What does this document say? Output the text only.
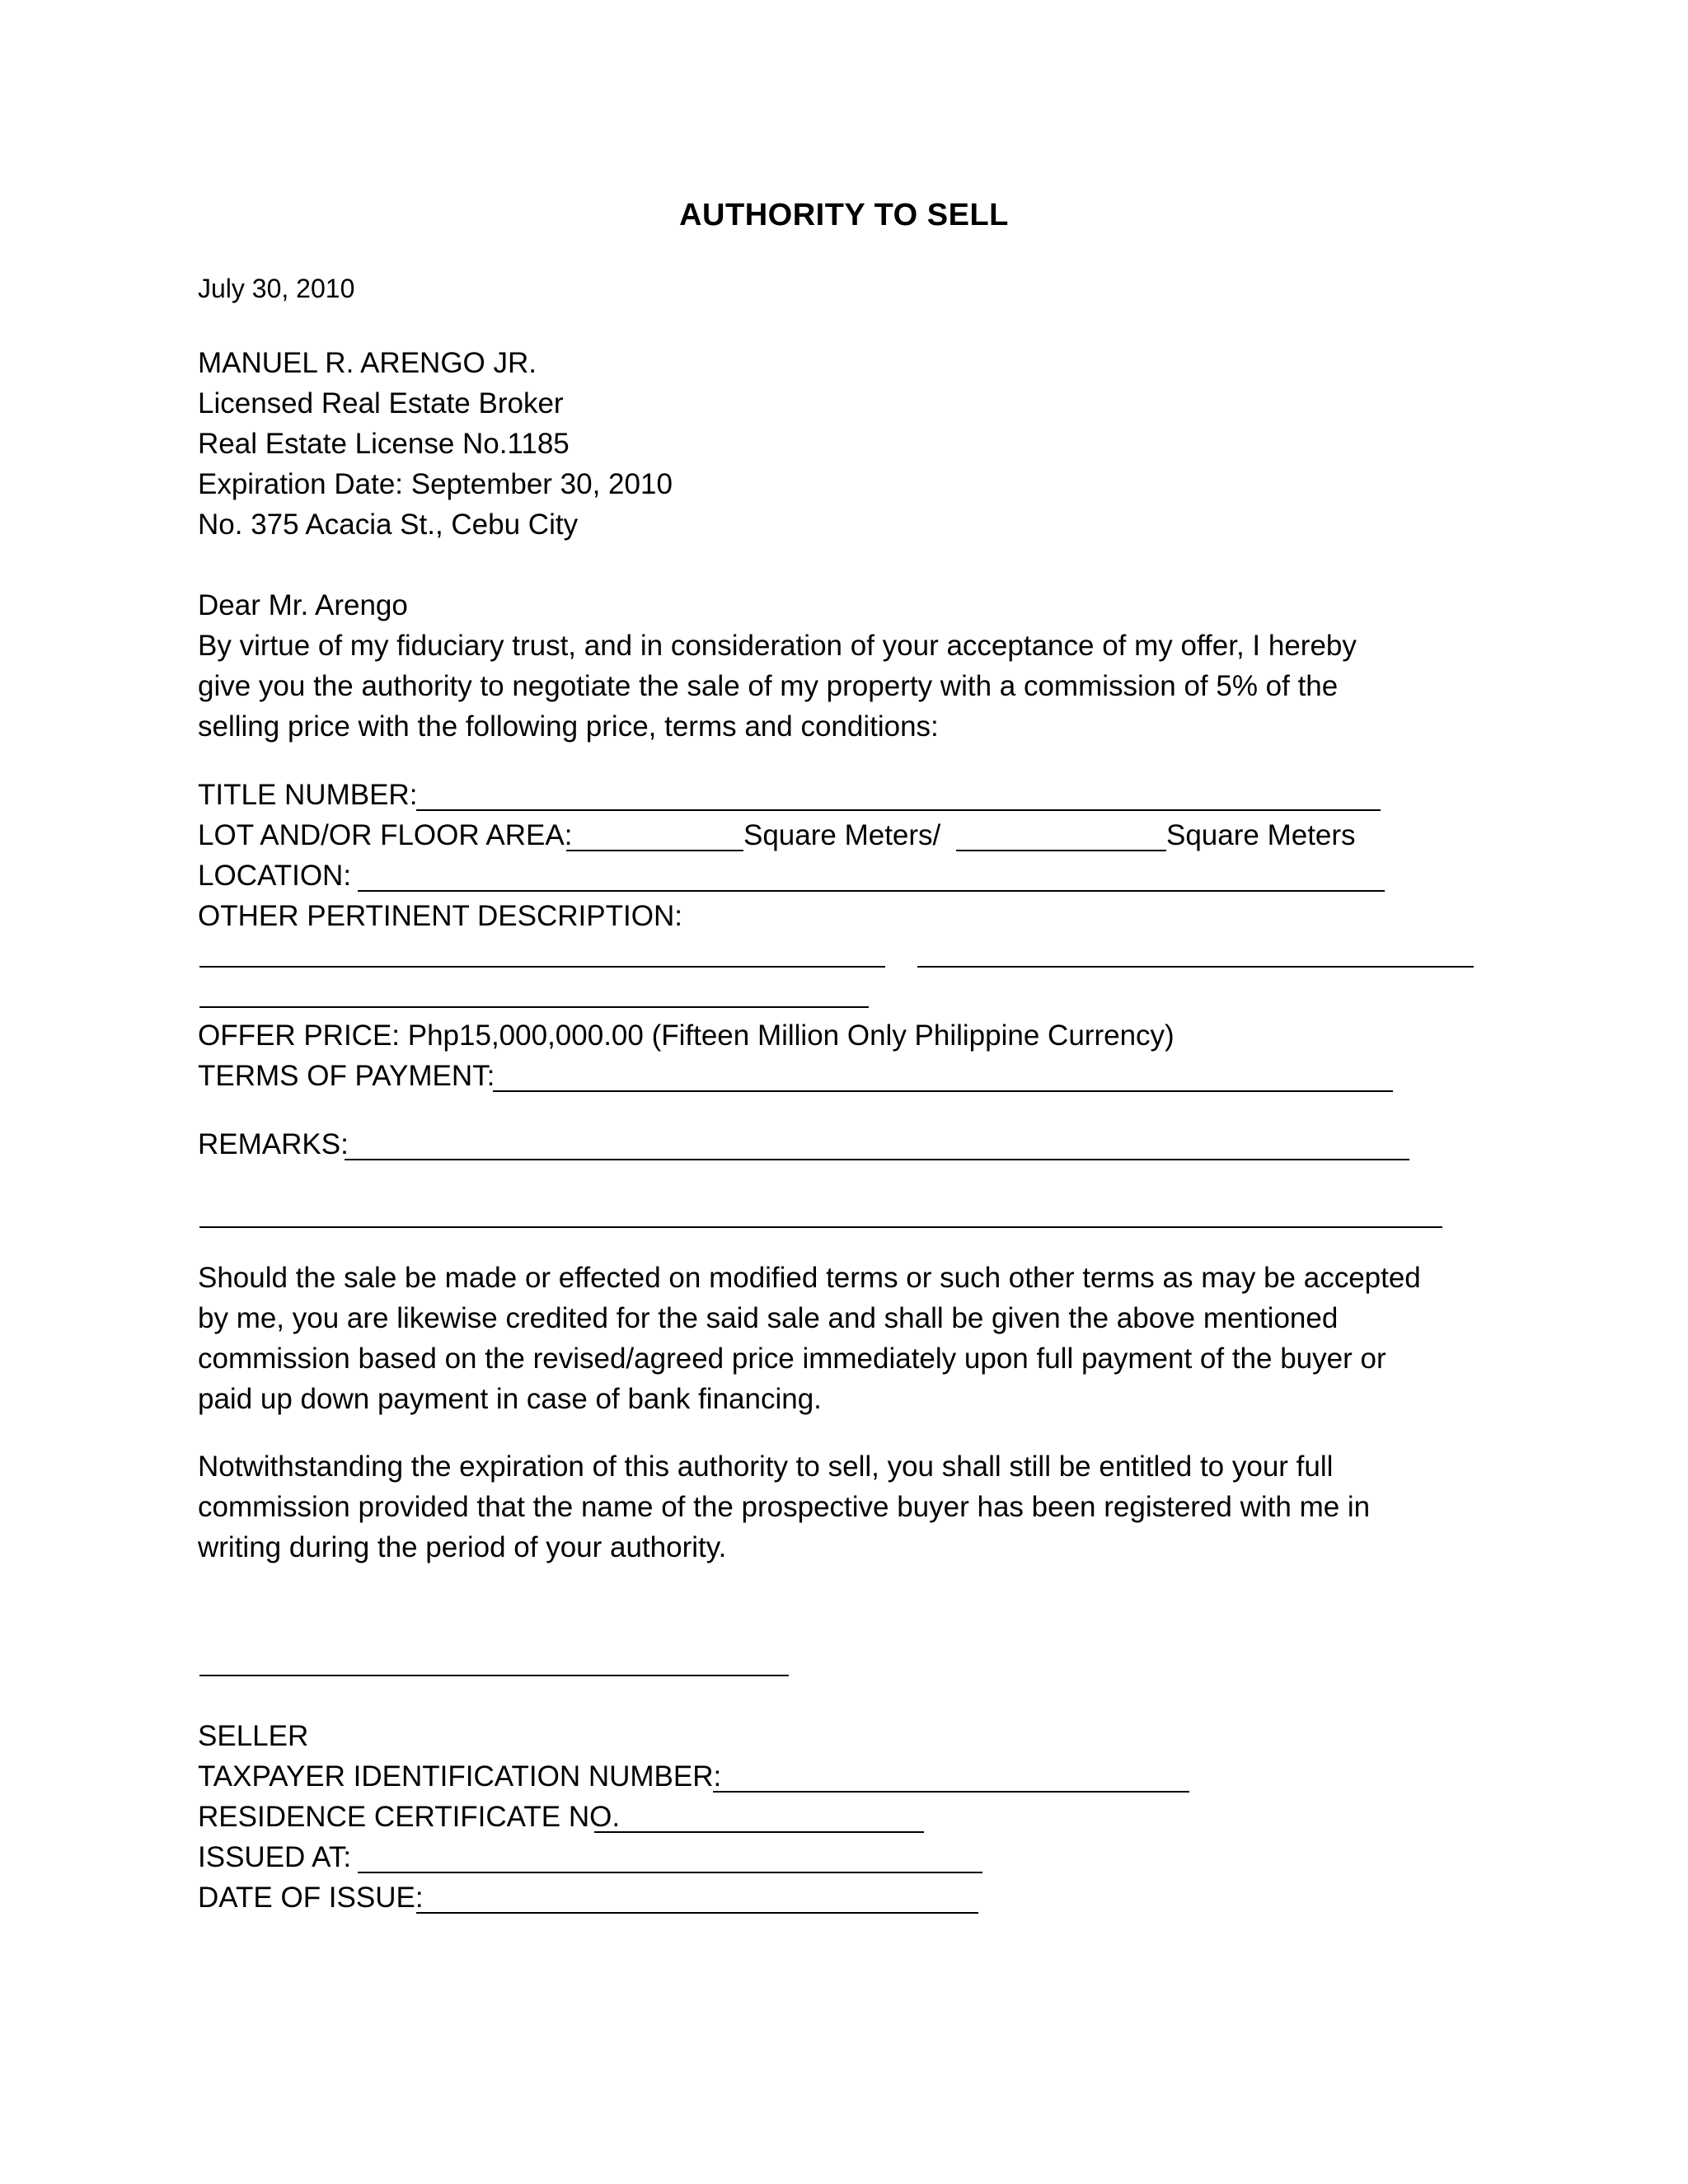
AUTHORITY TO SELL
July 30, 2010
MANUEL R. ARENGO JR.
Licensed Real Estate Broker
Real Estate License No.1185
Expiration Date: September 30, 2010
No. 375 Acacia St., Cebu City
Dear Mr. Arengo
By virtue of my fiduciary trust, and in consideration of your acceptance of my offer, I hereby
give you the authority to negotiate the sale of my property with a commission of 5% of the
selling price with the following price, terms and conditions:
TITLE NUMBER:
LOT AND/OR FLOOR AREA:	Square Meters/	Square Meters
LOCATION:
OTHER PERTINENT DESCRIPTION:
OFFER PRICE: Php15,000,000.00 (Fifteen Million Only Philippine Currency)
TERMS OF PAYMENT:
REMARKS:
Should the sale be made or effected on modified terms or such other terms as may be accepted
by me, you are likewise credited for the said sale and shall be given the above mentioned
commission based on the revised/agreed price immediately upon full payment of the buyer or
paid up down payment in case of bank financing.
Notwithstanding the expiration of this authority to sell, you shall still be entitled to your full
commission provided that the name of the prospective buyer has been registered with me in
writing during the period of your authority.
SELLER
TAXPAYER IDENTIFICATION NUMBER:
RESIDENCE CERTIFICATE NO.
ISSUED AT:
DATE OF ISSUE:
